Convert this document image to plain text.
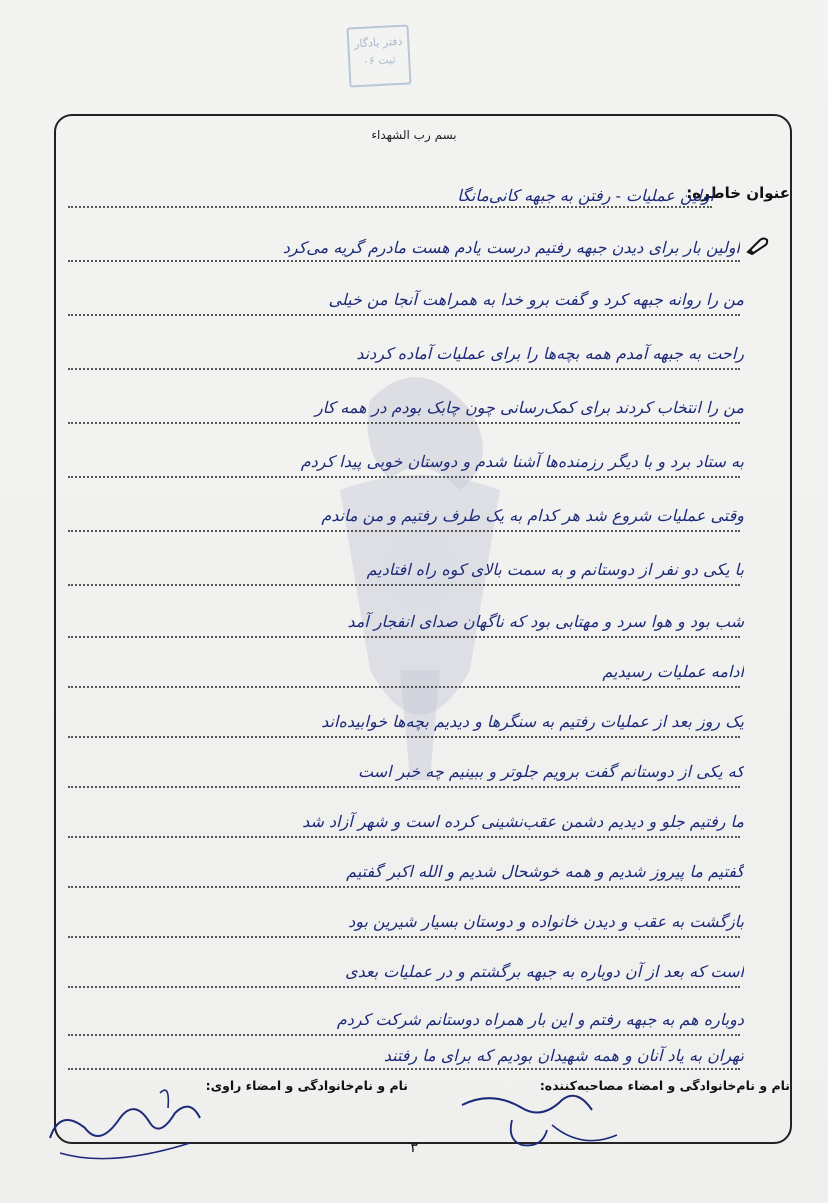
دفتر یادگار
۰۶ ثبت
بسم رب الشهداء
عنوان خاطره:
اولین عملیات - رفتن به جبهه کانی‌مانگا
اولین بار برای دیدن جبهه رفتیم درست یادم هست مادرم گریه می‌کرد
من را روانه جبهه کرد و گفت برو خدا به همراهت آنجا من خیلی
راحت به جبهه آمدم همه بچه‌ها را برای عملیات آماده کردند
من را انتخاب کردند برای کمک‌رسانی چون چابک بودم در همه کار
به ستاد برد و با دیگر رزمنده‌ها آشنا شدم و دوستان خوبی پیدا کردم
وقتی عملیات شروع شد هر کدام به یک طرف رفتیم و من ماندم
با یکی دو نفر از دوستانم و به سمت بالای کوه راه افتادیم
شب بود و هوا سرد و مهتابی بود که ناگهان صدای انفجار آمد
ادامه عملیات رسیدیم
یک روز بعد از عملیات رفتیم به سنگرها و دیدیم بچه‌ها خوابیده‌اند
که یکی از دوستانم گفت برویم جلوتر و ببینیم چه خبر است
ما رفتیم جلو و دیدیم دشمن عقب‌نشینی کرده است و شهر آزاد شد
گفتیم ما پیروز شدیم و همه خوشحال شدیم و الله اکبر گفتیم
بازگشت به عقب و دیدن خانواده و دوستان بسیار شیرین بود
است که بعد از آن دوباره به جبهه برگشتم و در عملیات بعدی
دوباره هم به جبهه رفتم و این بار همراه دوستانم شرکت کردم
تهران به یاد آنان و همه شهیدان بودیم که برای ما رفتند
نام و نام‌خانوادگی و امضاء مصاحبه‌کننده:
نام و نام‌خانوادگی و امضاء راوی:
۳
